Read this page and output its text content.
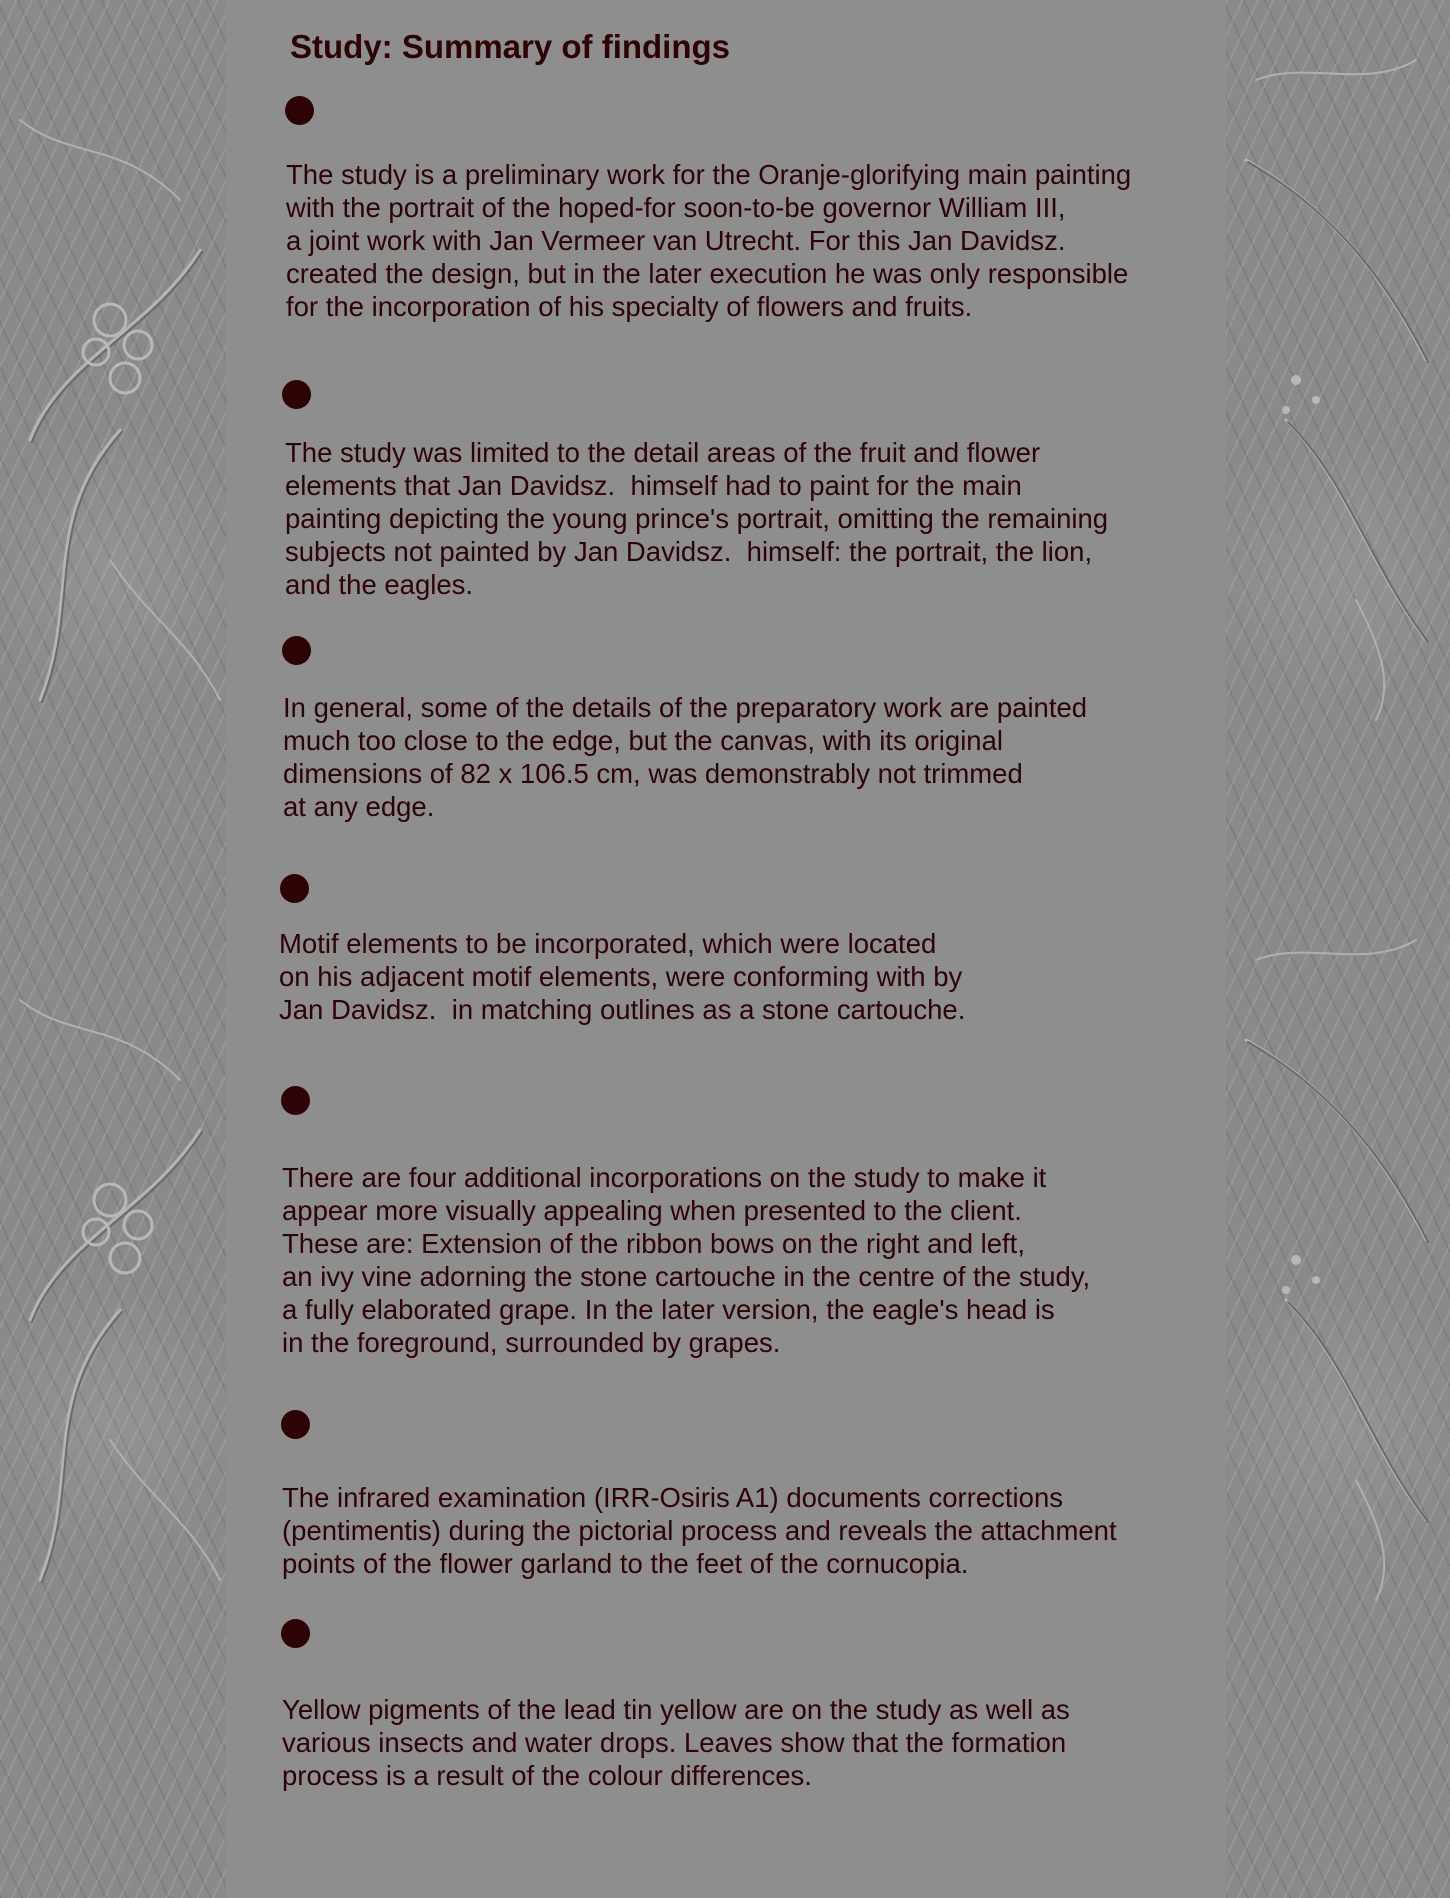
Study: Summary of findings

The study is a preliminary work for the Oranje-glorifying main painting
with the portrait of the hoped-for soon-to-be governor William III,
a joint work with Jan Vermeer van Utrecht. For this Jan Davidsz.
created the design, but in the later execution he was only responsible
for the incorporation of his specialty of flowers and fruits.

The study was limited to the detail areas of the fruit and flower
elements that Jan Davidsz.  himself had to paint for the main
painting depicting the young prince's portrait, omitting the remaining
subjects not painted by Jan Davidsz.  himself: the portrait, the lion,
and the eagles.

In general, some of the details of the preparatory work are painted
much too close to the edge, but the canvas, with its original
dimensions of 82 x 106.5 cm, was demonstrably not trimmed
at any edge.

Motif elements to be incorporated, which were located
on his adjacent motif elements, were conforming with by
Jan Davidsz.  in matching outlines as a stone cartouche.

There are four additional incorporations on the study to make it
appear more visually appealing when presented to the client.
These are: Extension of the ribbon bows on the right and left,
an ivy vine adorning the stone cartouche in the centre of the study,
a fully elaborated grape. In the later version, the eagle's head is
in the foreground, surrounded by grapes.

The infrared examination (IRR-Osiris A1) documents corrections
(pentimentis) during the pictorial process and reveals the attachment
points of the flower garland to the feet of the cornucopia.

Yellow pigments of the lead tin yellow are on the study as well as
various insects and water drops. Leaves show that the formation
process is a result of the colour differences.
